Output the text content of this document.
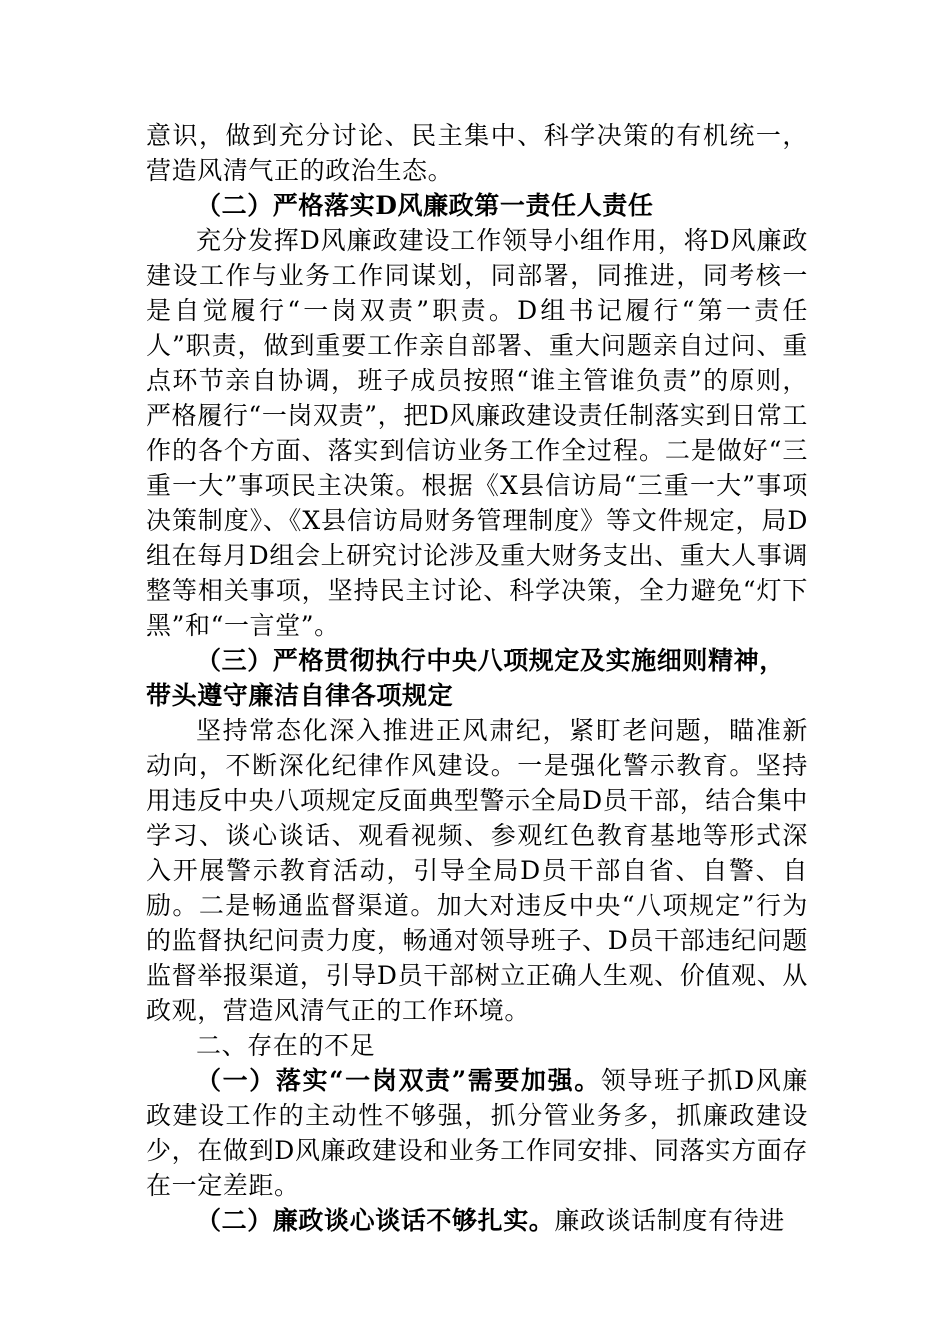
意识，做到充分讨论、民主集中、科学决策的有机统一，营造风清气正的政治生态。

（二）严格落实D风廉政第一责任人责任

充分发挥D风廉政建设工作领导小组作用，将D风廉政建设工作与业务工作同谋划，同部署，同推进，同考核一是自觉履行“一岗双责”职责。D组书记履行“第一责任人”职责，做到重要工作亲自部署、重大问题亲自过问、重点环节亲自协调，班子成员按照“谁主管谁负责”的原则，严格履行“一岗双责”，把D风廉政建设责任制落实到日常工作的各个方面、落实到信访业务工作全过程。二是做好“三重一大”事项民主决策。根据《X县信访局“三重一大”事项决策制度》、《X县信访局财务管理制度》等文件规定，局D组在每月D组会上研究讨论涉及重大财务支出、重大人事调整等相关事项，坚持民主讨论、科学决策，全力避免“灯下黑”和“一言堂”。

（三）严格贯彻执行中央八项规定及实施细则精神，带头遵守廉洁自律各项规定

坚持常态化深入推进正风肃纪，紧盯老问题，瞄准新动向，不断深化纪律作风建设。一是强化警示教育。坚持用违反中央八项规定反面典型警示全局D员干部，结合集中学习、谈心谈话、观看视频、参观红色教育基地等形式深入开展警示教育活动，引导全局D员干部自省、自警、自励。二是畅通监督渠道。加大对违反中央“八项规定”行为的监督执纪问责力度，畅通对领导班子、D员干部违纪问题监督举报渠道，引导D员干部树立正确人生观、价值观、从政观，营造风清气正的工作环境。

二、存在的不足

（一）落实“一岗双责”需要加强。领导班子抓D风廉政建设工作的主动性不够强，抓分管业务多，抓廉政建设少，在做到D风廉政建设和业务工作同安排、同落实方面存在一定差距。

（二）廉政谈心谈话不够扎实。廉政谈话制度有待进
